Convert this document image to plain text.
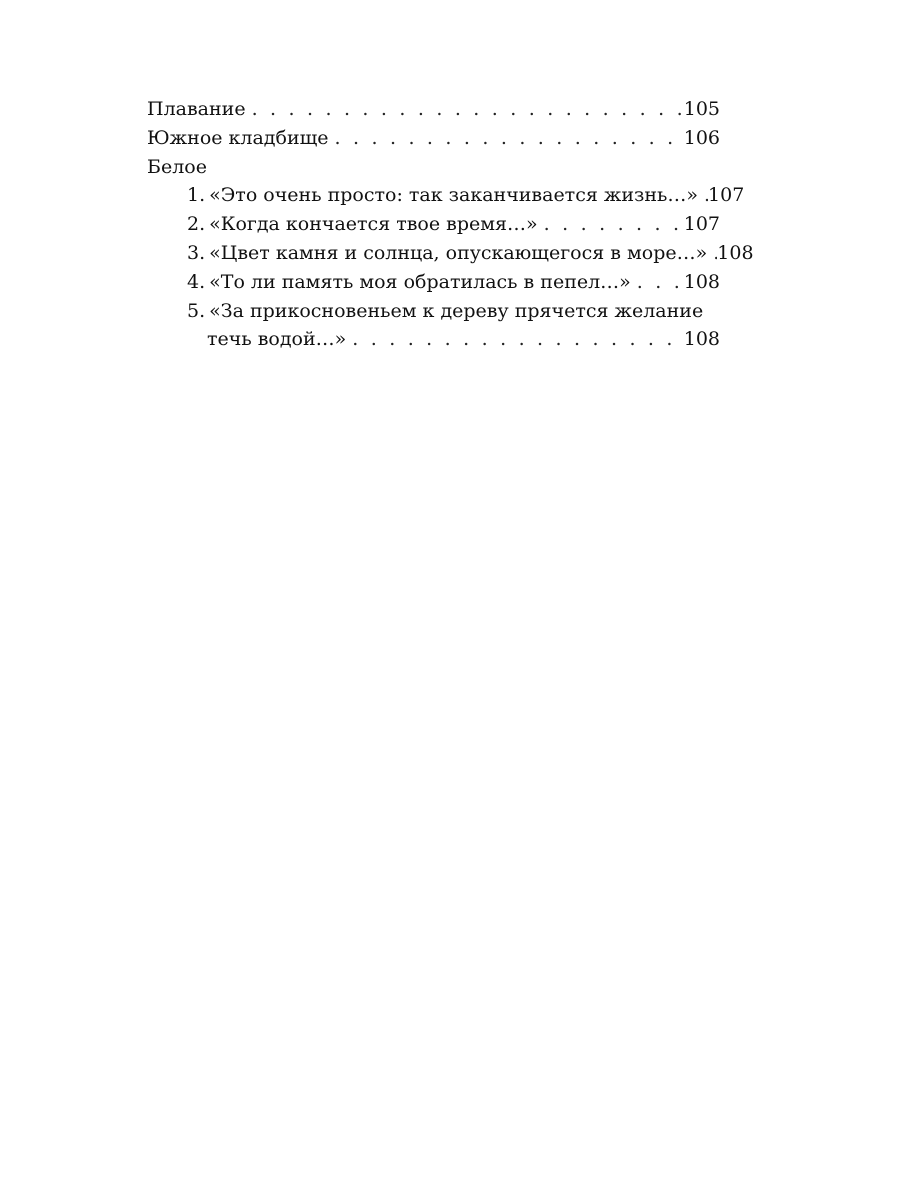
Плавание . . .	105
Южное кладбище . . .	106
Белое
1. «Это очень просто: так заканчивается жизнь…» . . . 107
2. «Когда кончается твое время…» . . .	107
3. «Цвет камня и солнца, опускающегося в море…» . . . 108
4. «То ли память моя обратилась в пепел…» . . .	108
5. «За прикосновеньем к дереву прячется желание
течь водой…» . . .	108
